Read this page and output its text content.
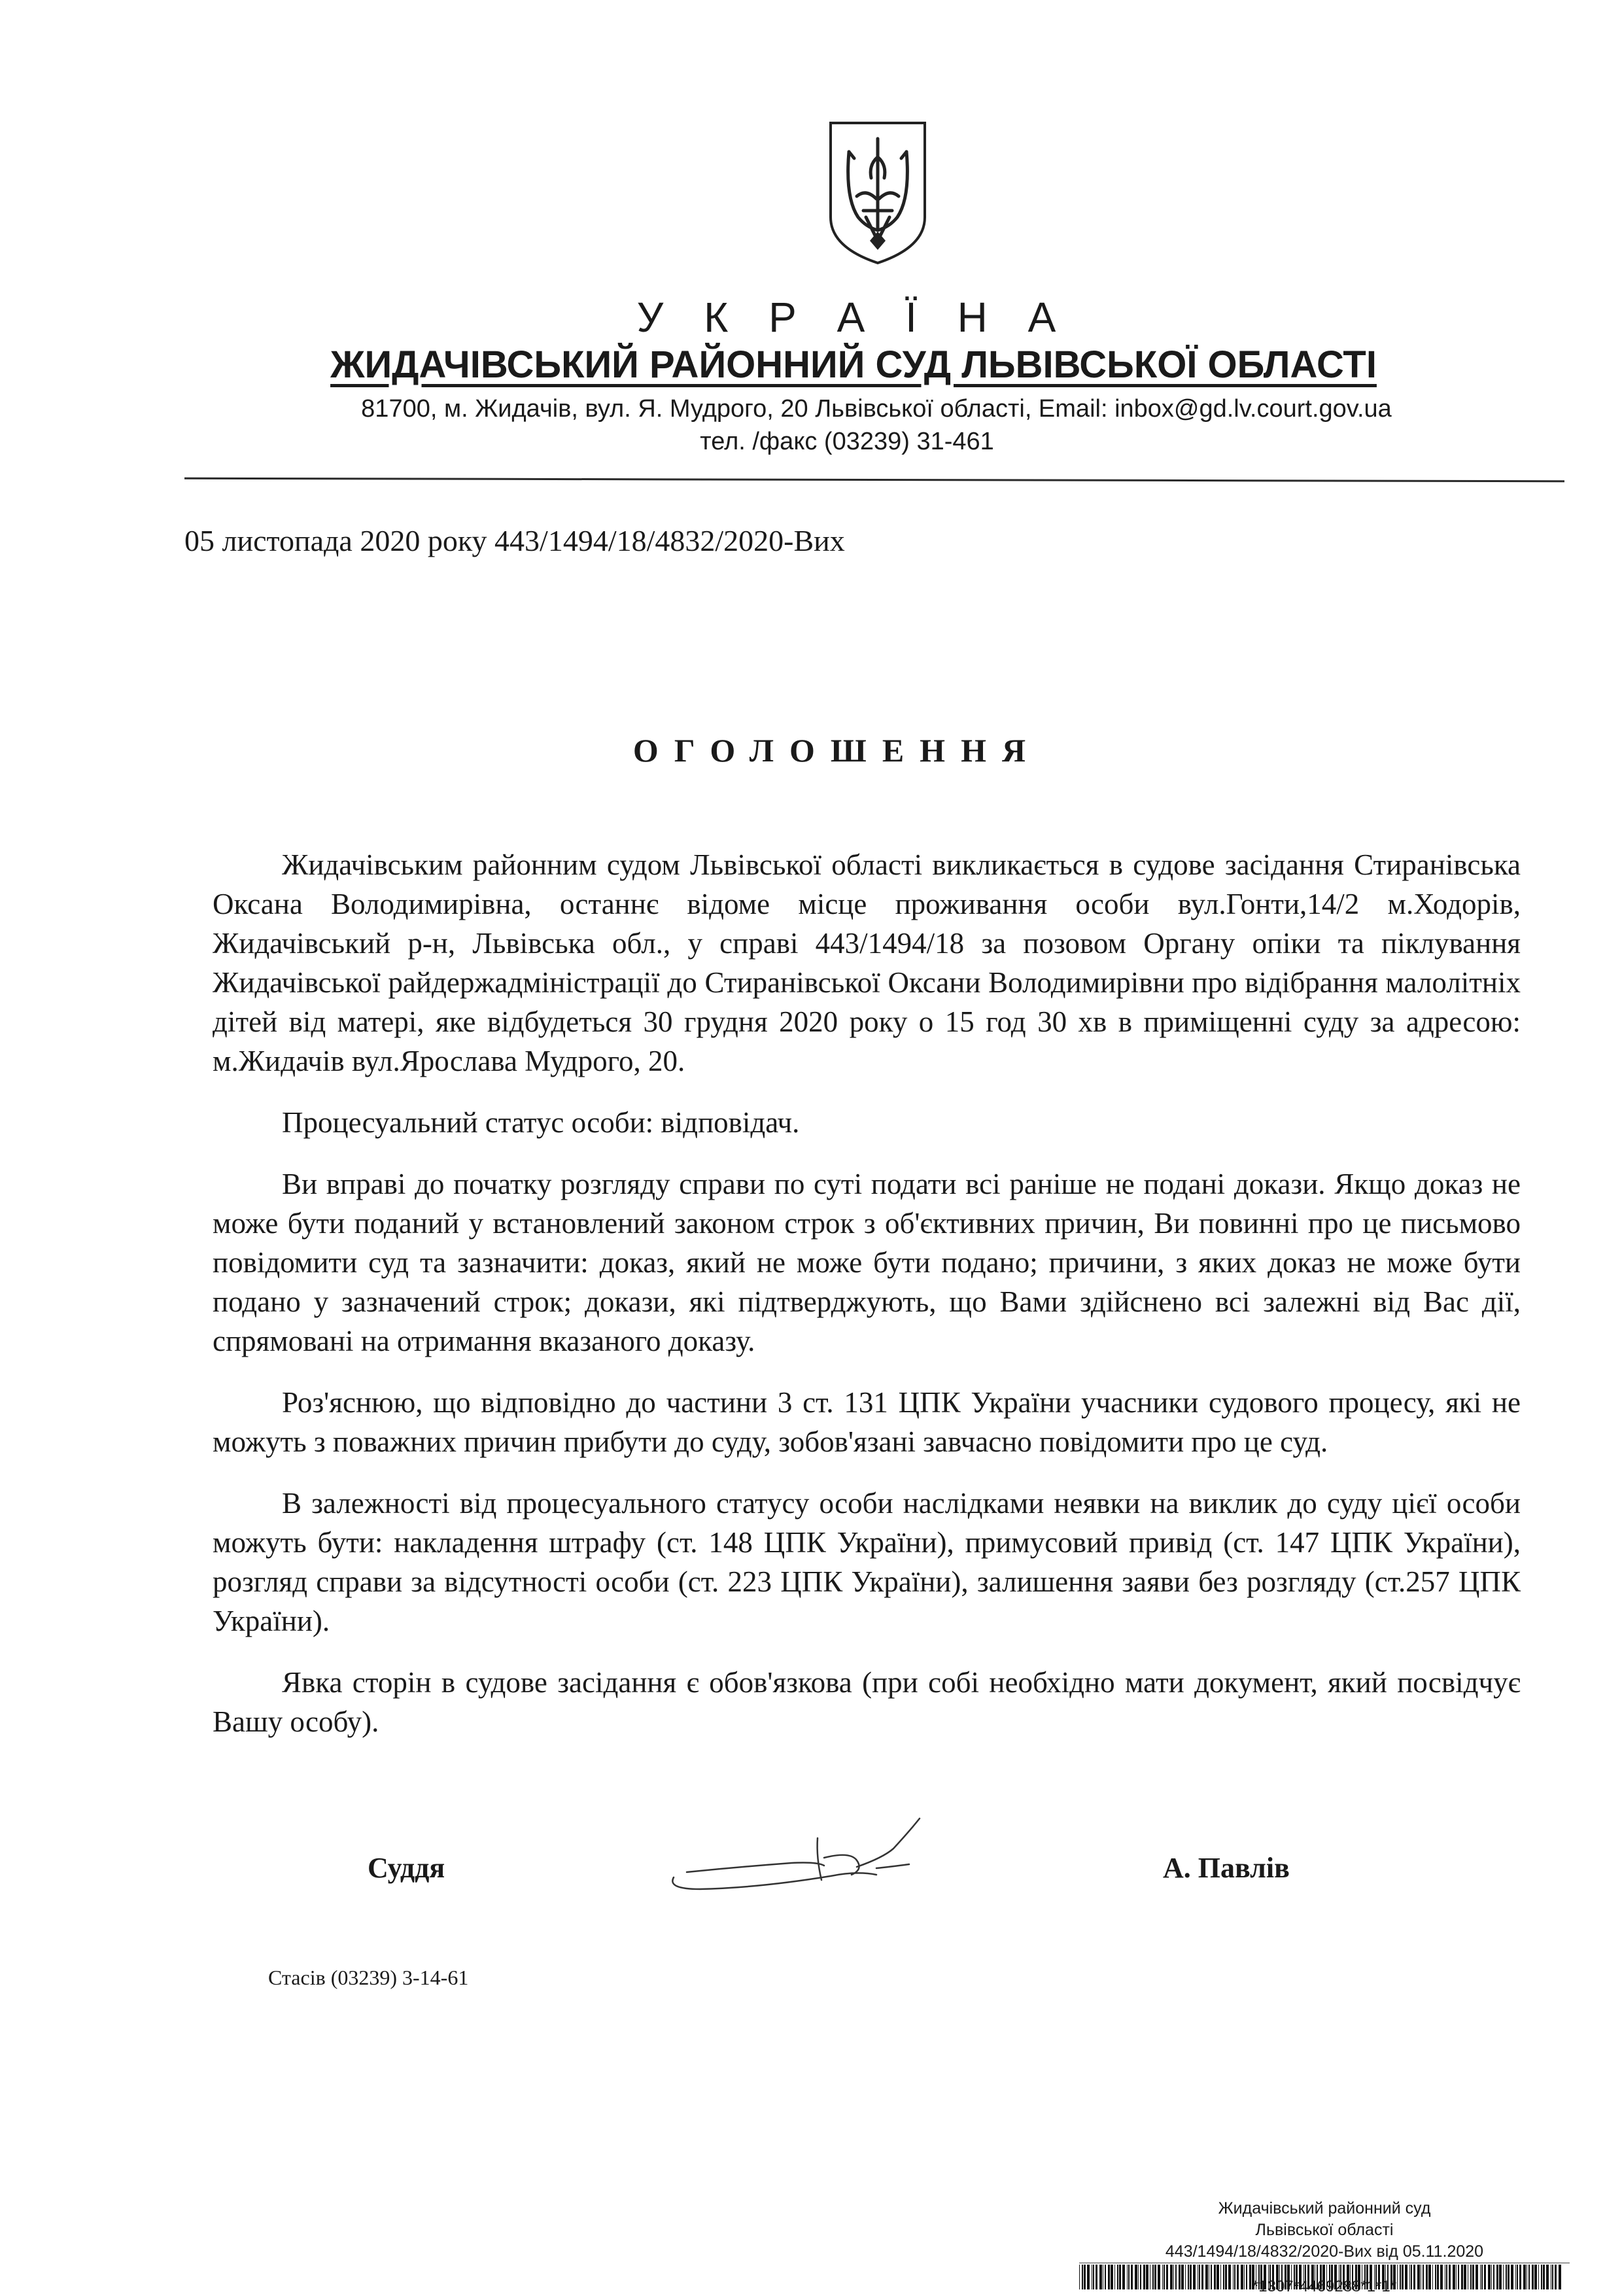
У К Р А Ї Н А
ЖИДАЧІВСЬКИЙ РАЙОННИЙ СУД ЛЬВІВСЬКОЇ ОБЛАСТІ
81700, м. Жидачів, вул. Я. Мудрого, 20 Львівської області, Email: inbox@gd.lv.court.gov.ua
тел. /факс (03239) 31-461
05 листопада 2020 року 443/1494/18/4832/2020-Вих
ОГОЛОШЕННЯ

Жидачівським районним судом Львівської області викликається в судове засідання Стиранівська Оксана Володимирівна, останнє відоме місце проживання особи вул.Гонти,14/2 м.Ходорів, Жидачівський р-н, Львівська обл., у справі 443/1494/18 за позовом Органу опіки та піклування Жидачівської райдержадміністрації до Стиранівської Оксани Володимирівни про відібрання малолітніх дітей від матері, яке відбудеться 30 грудня 2020 року о 15 год 30 хв в приміщенні суду за адресою: м.Жидачів вул.Ярослава Мудрого, 20.

Процесуальний статус особи: відповідач.

Ви вправі до початку розгляду справи по суті подати всі раніше не подані докази. Якщо доказ не може бути поданий у встановлений законом строк з об'єктивних причин, Ви повинні про це письмово повідомити суд та зазначити: доказ, який не може бути подано; причини, з яких доказ не може бути подано у зазначений строк; докази, які підтверджують, що Вами здійснено всі залежні від Вас дії, спрямовані на отримання вказаного доказу.

Роз'яснюю, що відповідно до частини 3 ст. 131 ЦПК України учасники судового процесу, які не можуть з поважних причин прибути до суду, зобов'язані завчасно повідомити про це суд.

В залежності від процесуального статусу особи наслідками неявки на виклик до суду цієї особи можуть бути: накладення штрафу (ст. 148 ЦПК України), примусовий привід (ст. 147 ЦПК України), розгляд справи за відсутності особи (ст. 223 ЦПК України), залишення заяви без розгляду (ст.257 ЦПК України).

Явка сторін в судове засідання є обов'язкова (при собі необхідно мати документ, який посвідчує Вашу особу).

Суддя	А. Павлів
Стасів (03239) 3-14-61
Жидачівський районний суд
Львівської області
443/1494/18/4832/2020-Вих від 05.11.2020
*1307*4469288*1*1*
